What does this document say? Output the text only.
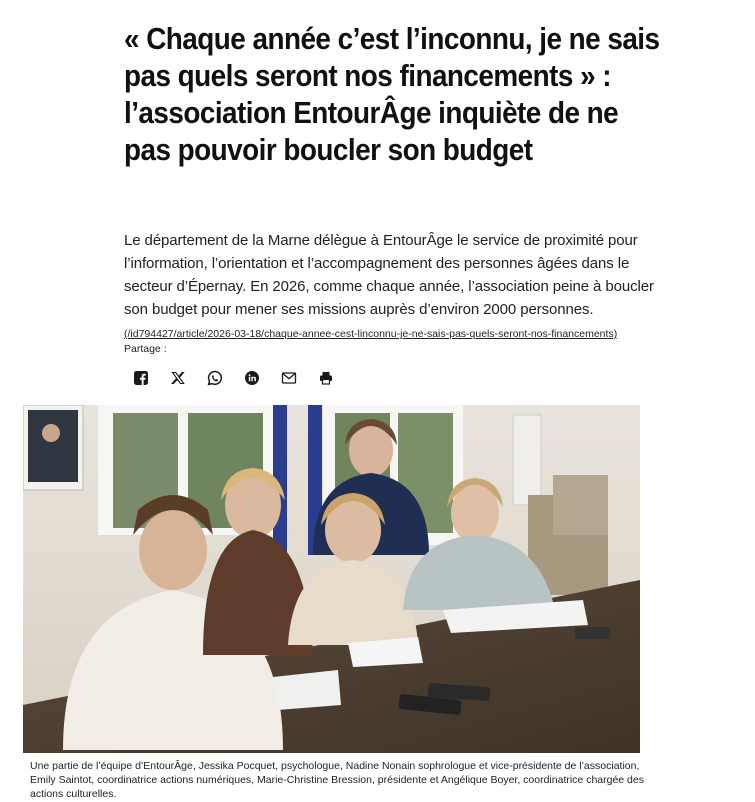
« Chaque année c’est l’inconnu, je ne sais pas quels seront nos financements » : l’association EntourÂge inquiète de ne pas pouvoir boucler son budget

Le département de la Marne délègue à EntourÂge le service de proximité pour l’information, l’orientation et l’accompagnement des personnes âgées dans le secteur d’Épernay. En 2026, comme chaque année, l’association peine à boucler son budget pour mener ses missions auprès d’environ 2000 personnes.

(/id794427/article/2026-03-18/chaque-annee-cest-linconnu-je-ne-sais-pas-quels-seront-nos-financements)
Partage :

Une partie de l’équipe d’EntourÂge, Jessika Pocquet, psychologue, Nadine Nonain sophrologue et vice-présidente de l’association, Emily Saintot, coordinatrice actions numériques, Marie-Christine Bression, présidente et Angélique Boyer, coordinatrice chargée des actions culturelles.
